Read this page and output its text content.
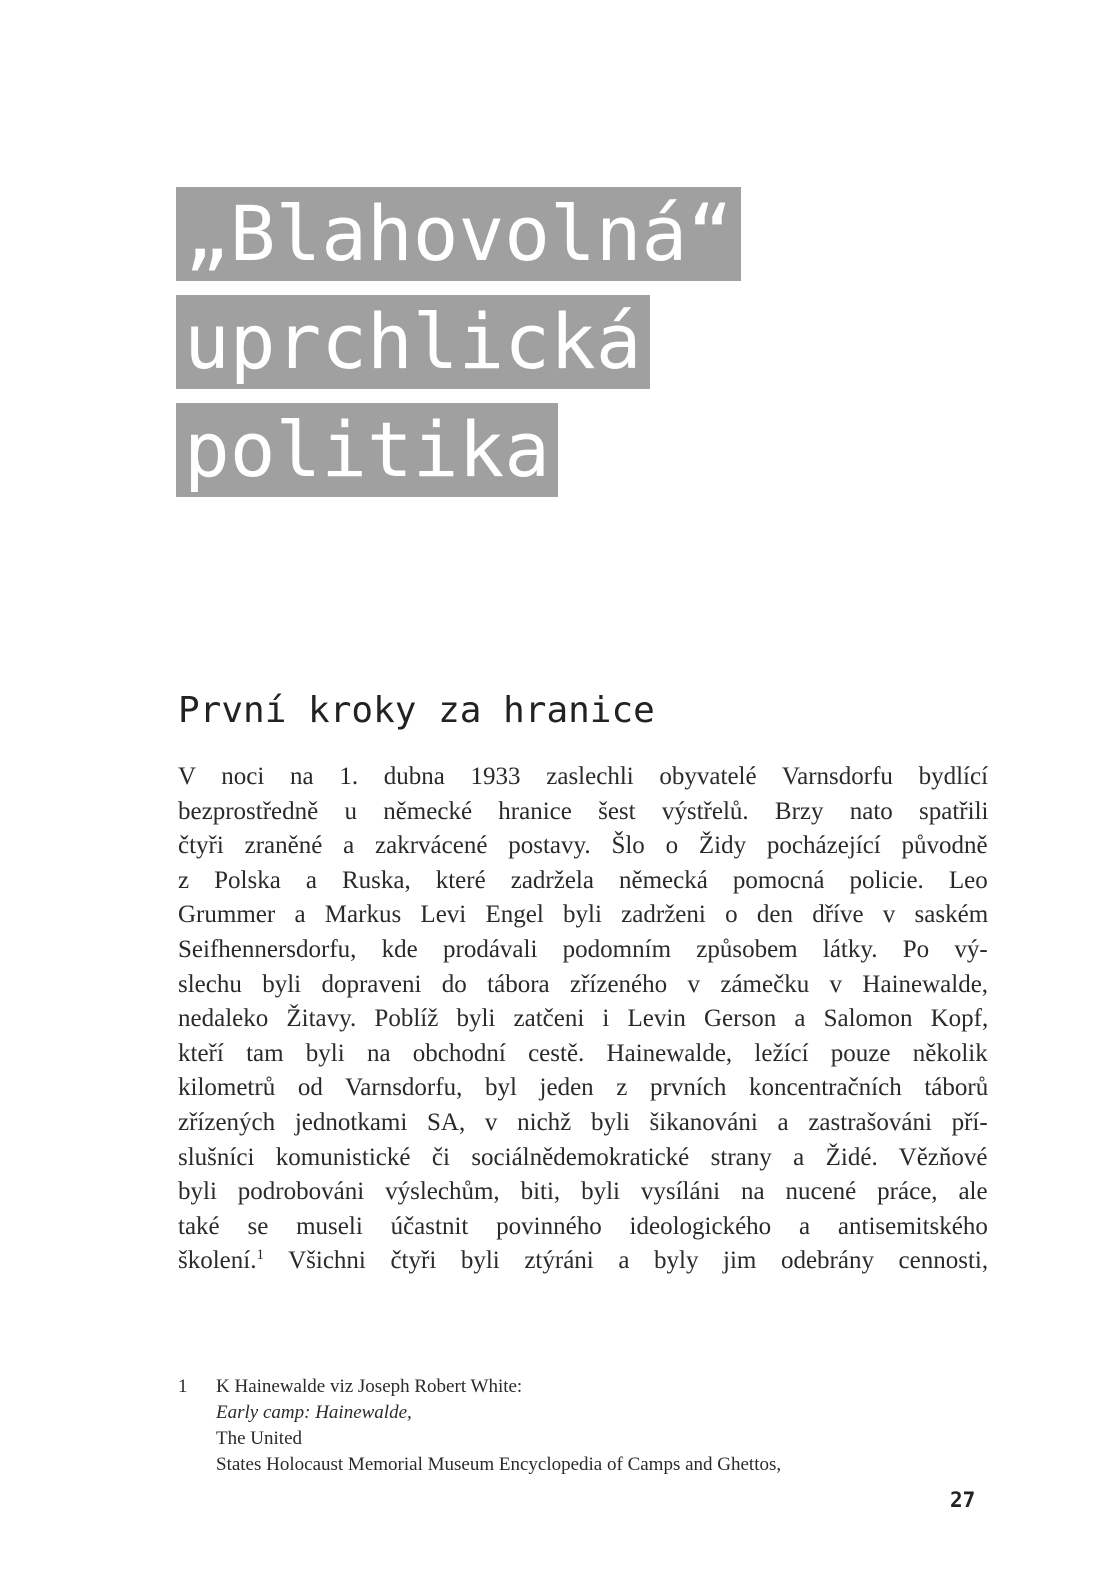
„Blahovolná“
uprchlická
politika
První kroky za hranice
V noci na 1. dubna 1933 zaslechli obyvatelé Varnsdorfu bydlící
bezprostředně u německé hranice šest výstřelů. Brzy nato spatřili
čtyři zraněné a zakrvácené postavy. Šlo o Židy pocházející původně
z Polska a Ruska, které zadržela německá pomocná policie. Leo
Grummer a Markus Levi Engel byli zadrženi o den dříve v saském
Seifhennersdorfu, kde prodávali podomním způsobem látky. Po vý-
slechu byli dopraveni do tábora zřízeného v zámečku v Hainewalde,
nedaleko Žitavy. Poblíž byli zatčeni i Levin Gerson a Salomon Kopf,
kteří tam byli na obchodní cestě. Hainewalde, ležící pouze několik
kilometrů od Varnsdorfu, byl jeden z prvních koncentračních táborů
zřízených jednotkami SA, v nichž byli šikanováni a zastrašováni pří-
slušníci komunistické či sociálnědemokratické strany a Židé. Vězňové
byli podrobováni výslechům, biti, byli vysíláni na nucené práce, ale
také se museli účastnit povinného ideologického a antisemitského
školení.$^1$ Všichni čtyři byli ztýráni a byly jim odebrány cennosti,
1 K Hainewalde viz Joseph Robert White:
Early camp: Hainewalde,
The United
States Holocaust Memorial Museum Encyclopedia of Camps and Ghettos,
27
